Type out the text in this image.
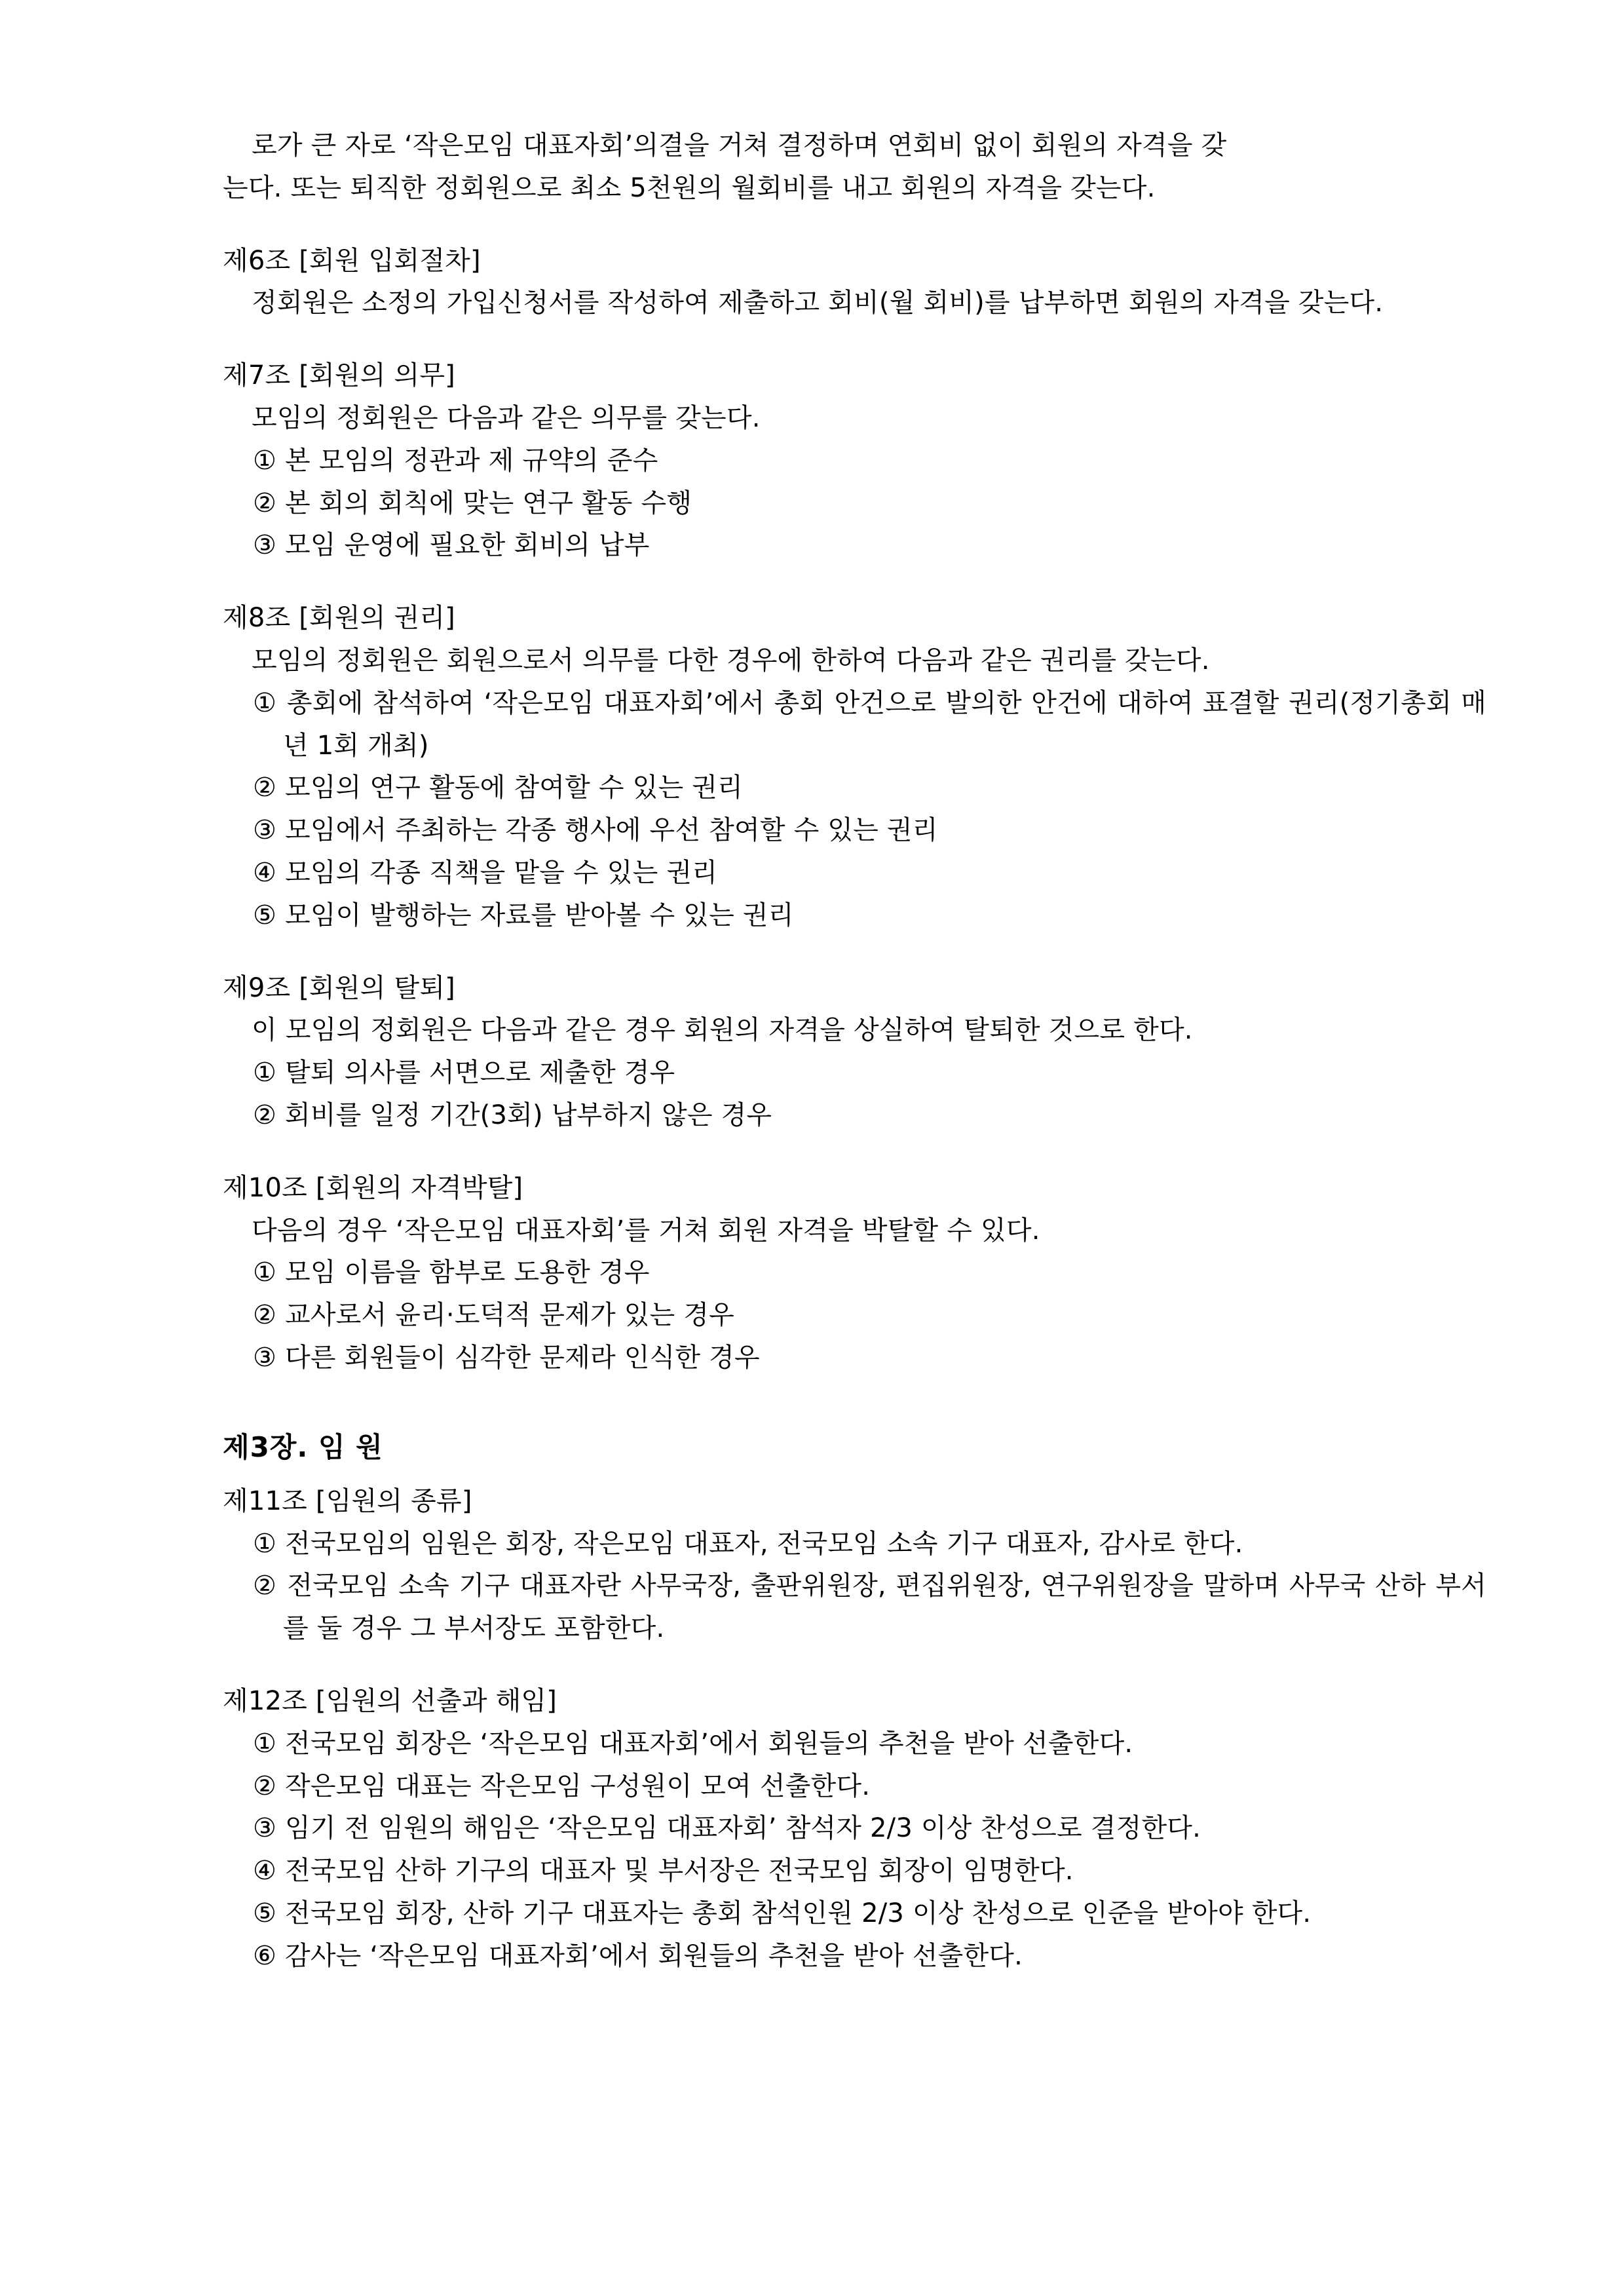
로가 큰 자로 ‘작은모임 대표자회’의결을 거쳐 결정하며 연회비 없이 회원의 자격을 갖

는다. 또는 퇴직한 정회원으로 최소 5천원의 월회비를 내고 회원의 자격을 갖는다.

제6조 [회원 입회절차]

정회원은 소정의 가입신청서를 작성하여 제출하고 회비(월 회비)를 납부하면 회원의 자격을 갖는다.

제7조 [회원의 의무]

모임의 정회원은 다음과 같은 의무를 갖는다.

① 본 모임의 정관과 제 규약의 준수

② 본 회의 회칙에 맞는 연구 활동 수행

③ 모임 운영에 필요한 회비의 납부

제8조 [회원의 권리]

모임의 정회원은 회원으로서 의무를 다한 경우에 한하여 다음과 같은 권리를 갖는다.

① 총회에 참석하여 ‘작은모임 대표자회’에서 총회 안건으로 발의한 안건에 대하여 표결할 권리(정기총회 매년 1회 개최)

② 모임의 연구 활동에 참여할 수 있는 권리

③ 모임에서 주최하는 각종 행사에 우선 참여할 수 있는 권리

④ 모임의 각종 직책을 맡을 수 있는 권리

⑤ 모임이 발행하는 자료를 받아볼 수 있는 권리

제9조 [회원의 탈퇴]

이 모임의 정회원은 다음과 같은 경우 회원의 자격을 상실하여 탈퇴한 것으로 한다.

① 탈퇴 의사를 서면으로 제출한 경우

② 회비를 일정 기간(3회) 납부하지 않은 경우

제10조 [회원의 자격박탈]

다음의 경우 ‘작은모임 대표자회’를 거쳐 회원 자격을 박탈할 수 있다.

① 모임 이름을 함부로 도용한 경우

② 교사로서 윤리·도덕적 문제가 있는 경우

③ 다른 회원들이 심각한 문제라 인식한 경우

제3장. 임 원

제11조 [임원의 종류]

① 전국모임의 임원은 회장, 작은모임 대표자, 전국모임 소속 기구 대표자, 감사로 한다.

② 전국모임 소속 기구 대표자란 사무국장, 출판위원장, 편집위원장, 연구위원장을 말하며 사무국 산하 부서를 둘 경우 그 부서장도 포함한다.

제12조 [임원의 선출과 해임]

① 전국모임 회장은 ‘작은모임 대표자회’에서 회원들의 추천을 받아 선출한다.

② 작은모임 대표는 작은모임 구성원이 모여 선출한다.

③ 임기 전 임원의 해임은 ‘작은모임 대표자회’ 참석자 2/3 이상 찬성으로 결정한다.

④ 전국모임 산하 기구의 대표자 및 부서장은 전국모임 회장이 임명한다.

⑤ 전국모임 회장, 산하 기구 대표자는 총회 참석인원 2/3 이상 찬성으로 인준을 받아야 한다.

⑥ 감사는 ‘작은모임 대표자회’에서 회원들의 추천을 받아 선출한다.
